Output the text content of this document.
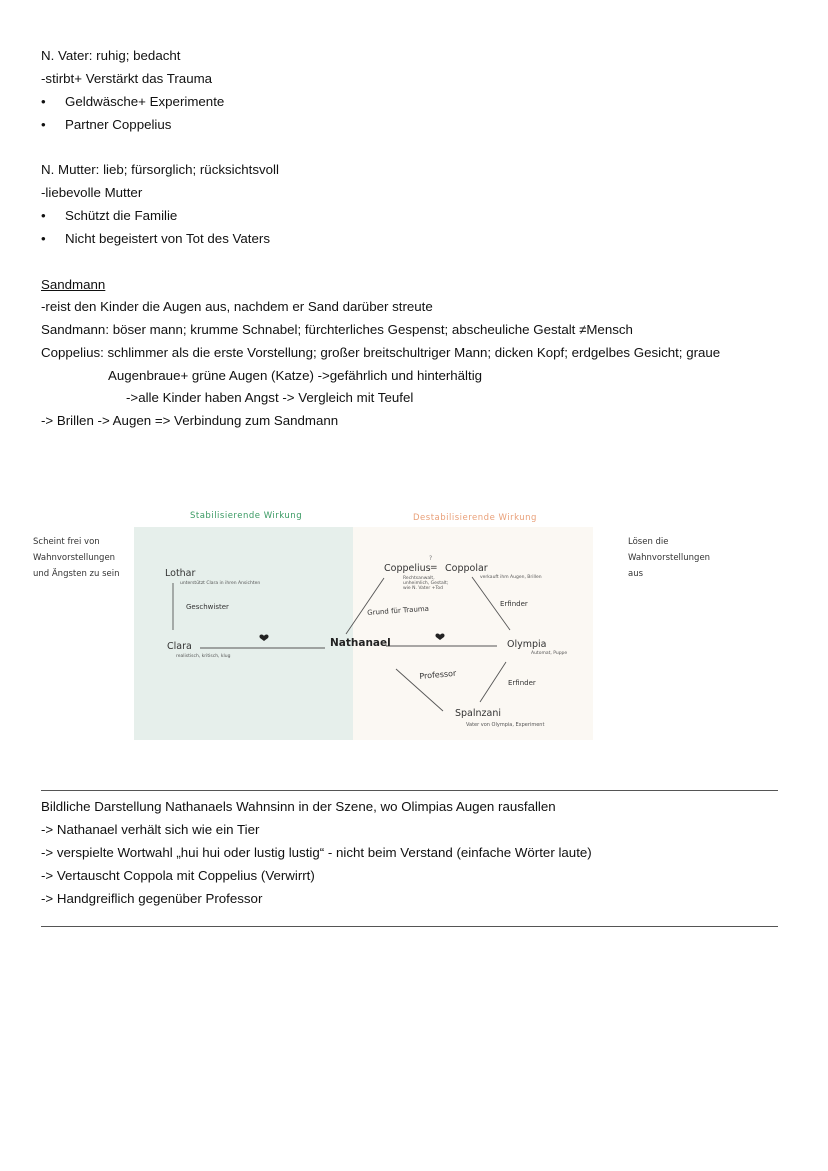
N. Vater: ruhig; bedacht
-stirbt+ Verstärkt das Trauma
• Geldwäsche+ Experimente
• Partner Coppelius
N. Mutter: lieb; fürsorglich; rücksichtsvoll
-liebevolle Mutter
• Schützt die Familie
• Nicht begeistert von Tot des Vaters
Sandmann
-reist den Kinder die Augen aus, nachdem er Sand darüber streute
Sandmann: böser mann; krumme Schnabel; fürchterliches Gespenst; abscheuliche Gestalt ≠Mensch
Coppelius: schlimmer als die erste Vorstellung; großer breitschultriger Mann; dicken Kopf; erdgelbes Gesicht; graue
Augenbraue+ grüne Augen (Katze) ->gefährlich und hinterhältig
->alle Kinder haben Angst -> Vergleich mit Teufel
-> Brillen -> Augen => Verbindung zum Sandmann
Scheint frei von
Wahnvorstellungen
und Ängsten zu sein
Lösen die
Wahnvorstellungen
aus
Stabilisierende Wirkung	Destabilisierende Wirkung
Lothar
unterstützt Clara in ihren Ansichten
Geschwister
Clara
realistisch, kritisch, klug
Nathanael
?
Coppelius = Coppolar
Rechtsanwalt, unheimlich, Gestalt; wie N. Vater +Tod
verkauft ihm Augen, Brillen
Grund für Trauma
Erfinder
Olympia
Automat, Puppe
Professor
Erfinder
Spalnzani
Vater von Olympia, Experiment
Bildliche Darstellung Nathanaels Wahnsinn in der Szene, wo Olimpias Augen rausfallen
-> Nathanael verhält sich wie ein Tier
-> verspielte Wortwahl „hui hui oder lustig lustig“ - nicht beim Verstand (einfache Wörter laute)
-> Vertauscht Coppola mit Coppelius (Verwirrt)
-> Handgreiflich gegenüber Professor
